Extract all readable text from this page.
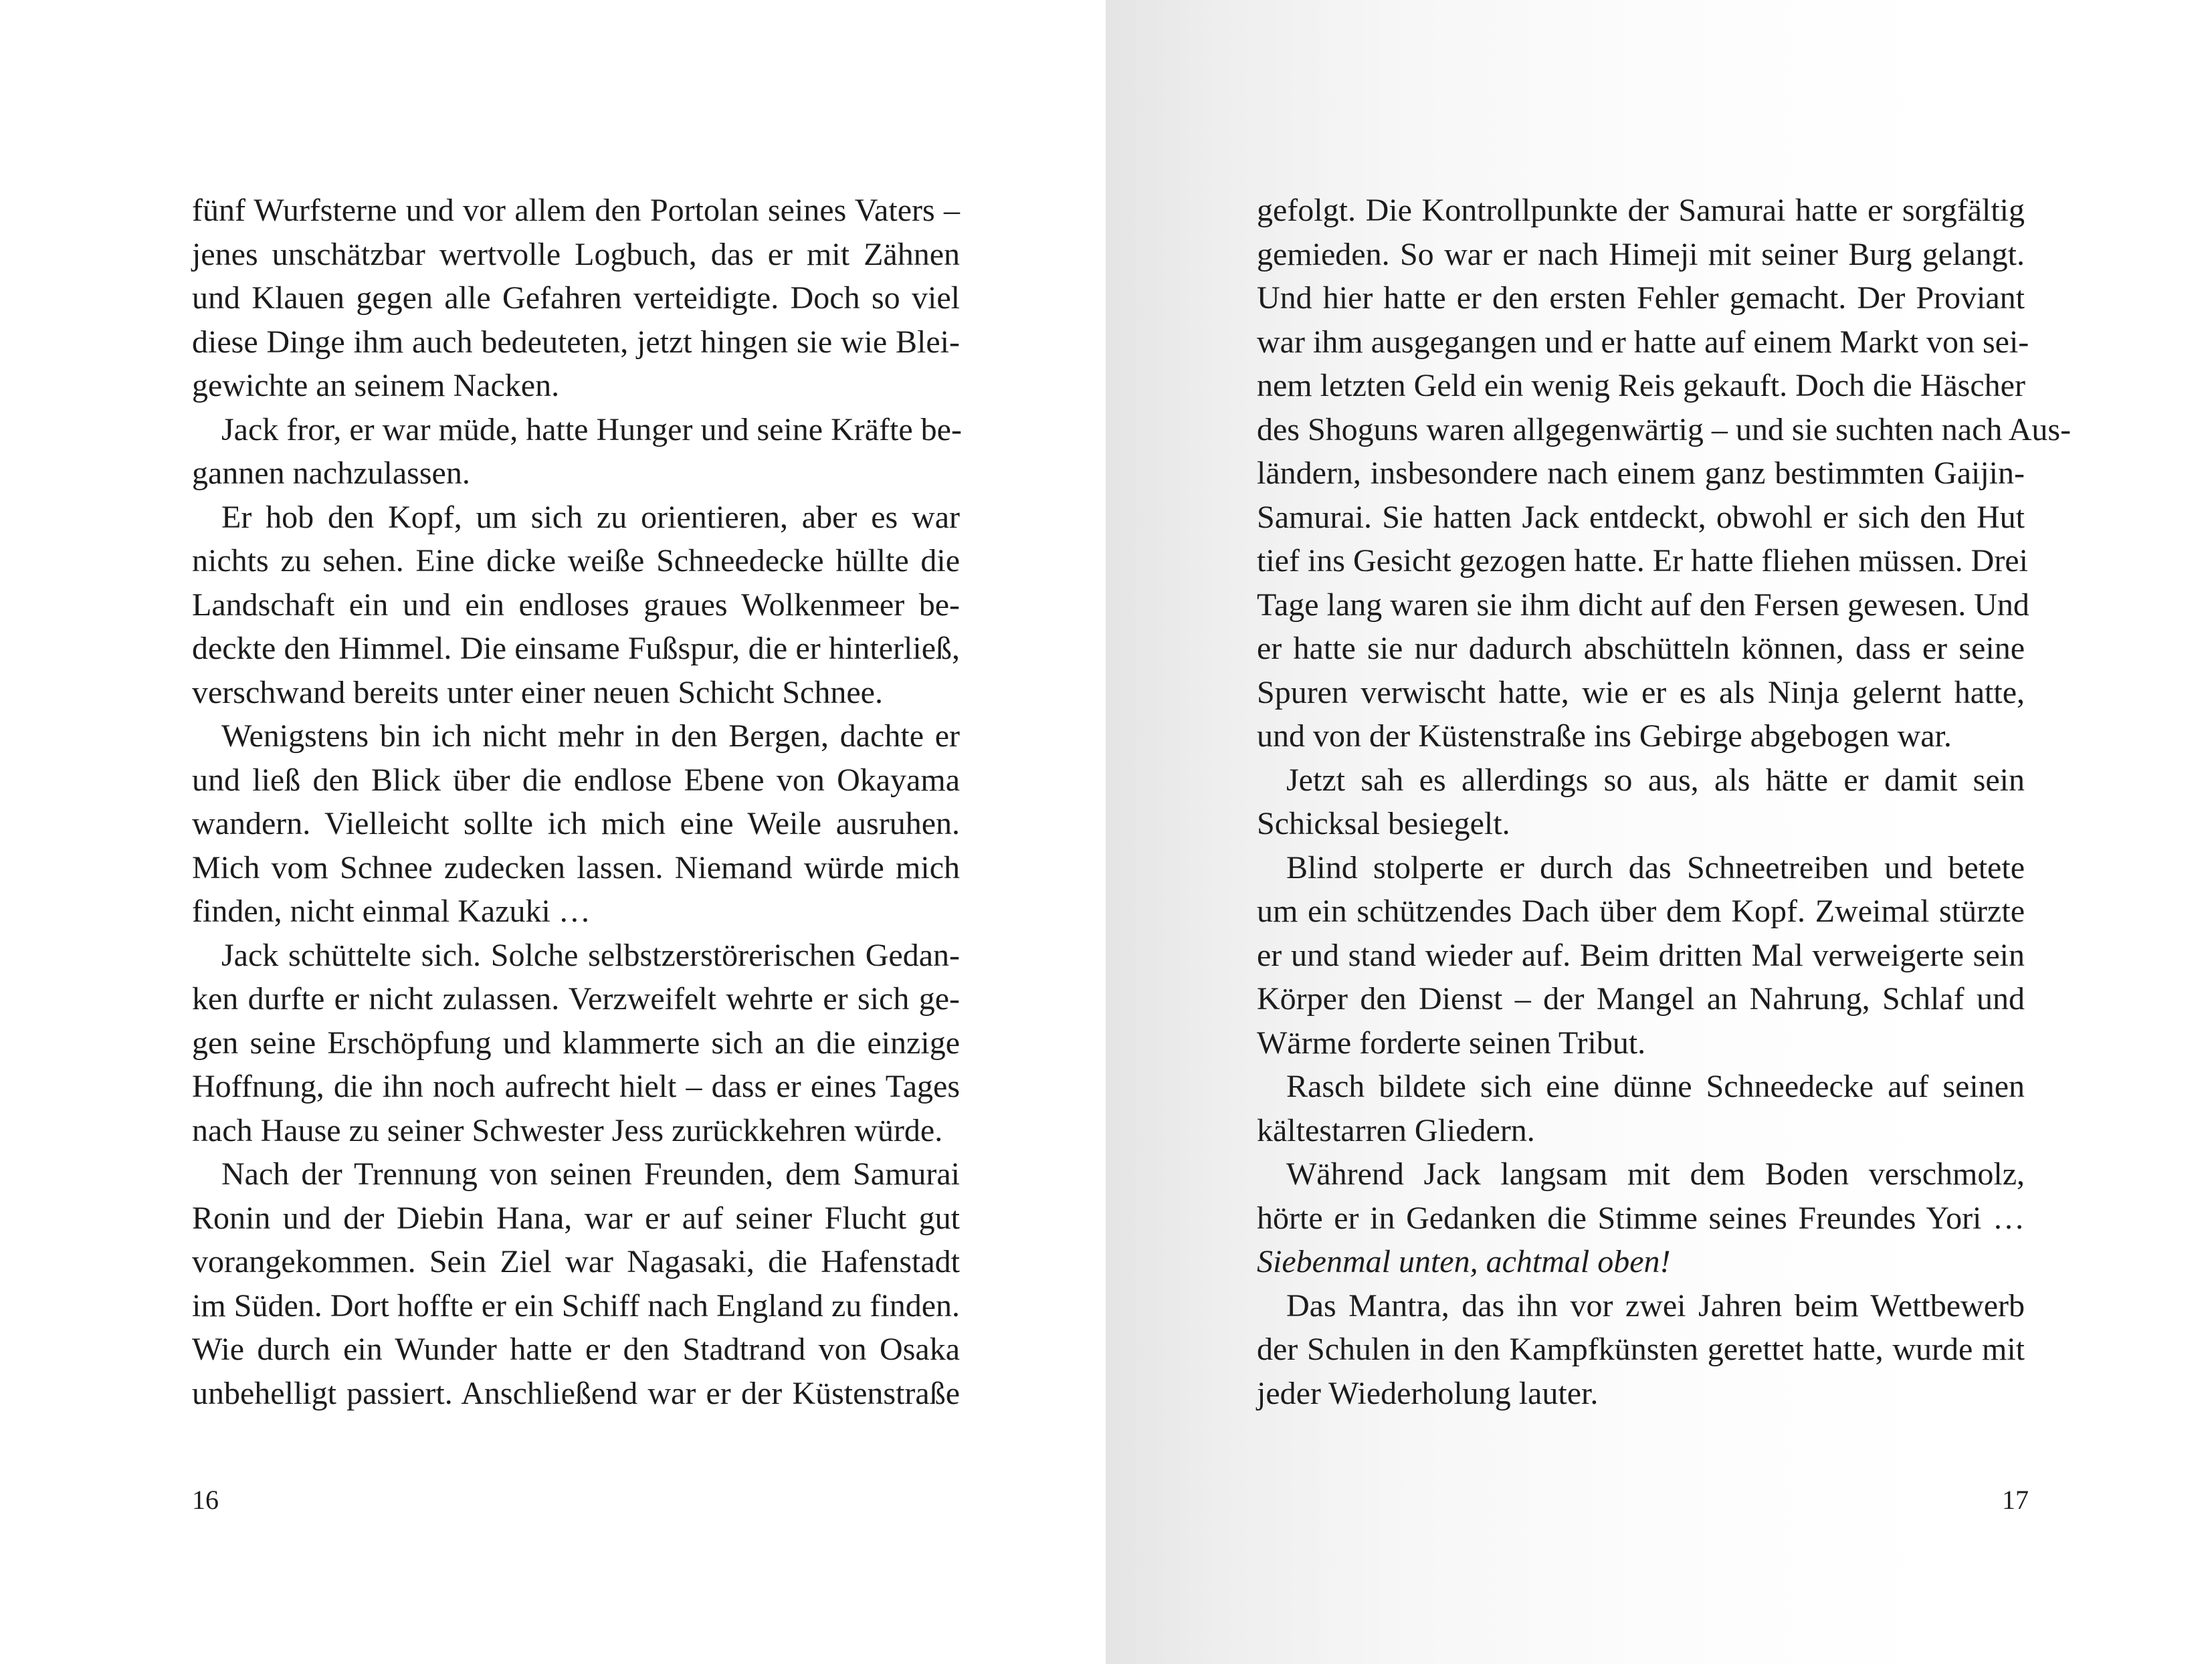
fünf Wurfsterne und vor allem den Portolan seines Vaters –
jenes unschätzbar wertvolle Logbuch, das er mit Zähnen
und Klauen gegen alle Gefahren verteidigte. Doch so viel
diese Dinge ihm auch bedeuteten, jetzt hingen sie wie Blei-
gewichte an seinem Nacken.
Jack fror, er war müde, hatte Hunger und seine Kräfte be-
gannen nachzulassen.
Er hob den Kopf, um sich zu orientieren, aber es war
nichts zu sehen. Eine dicke weiße Schneedecke hüllte die
Landschaft ein und ein endloses graues Wolkenmeer be-
deckte den Himmel. Die einsame Fußspur, die er hinterließ,
verschwand bereits unter einer neuen Schicht Schnee.
Wenigstens bin ich nicht mehr in den Bergen, dachte er
und ließ den Blick über die endlose Ebene von Okayama
wandern. Vielleicht sollte ich mich eine Weile ausruhen.
Mich vom Schnee zudecken lassen. Niemand würde mich
finden, nicht einmal Kazuki …
Jack schüttelte sich. Solche selbstzerstörerischen Gedan-
ken durfte er nicht zulassen. Verzweifelt wehrte er sich ge-
gen seine Erschöpfung und klammerte sich an die einzige
Hoffnung, die ihn noch aufrecht hielt – dass er eines Tages
nach Hause zu seiner Schwester Jess zurückkehren würde.
Nach der Trennung von seinen Freunden, dem Samurai
Ronin und der Diebin Hana, war er auf seiner Flucht gut
vorangekommen. Sein Ziel war Nagasaki, die Hafenstadt
im Süden. Dort hoffte er ein Schiff nach England zu finden.
Wie durch ein Wunder hatte er den Stadtrand von Osaka
unbehelligt passiert. Anschließend war er der Küstenstraße
16
gefolgt. Die Kontrollpunkte der Samurai hatte er sorgfältig
gemieden. So war er nach Himeji mit seiner Burg gelangt.
Und hier hatte er den ersten Fehler gemacht. Der Proviant
war ihm ausgegangen und er hatte auf einem Markt von sei-
nem letzten Geld ein wenig Reis gekauft. Doch die Häscher
des Shoguns waren allgegenwärtig – und sie suchten nach Aus-
ländern, insbesondere nach einem ganz bestimmten Gaijin-
Samurai. Sie hatten Jack entdeckt, obwohl er sich den Hut
tief ins Gesicht gezogen hatte. Er hatte fliehen müssen. Drei
Tage lang waren sie ihm dicht auf den Fersen gewesen. Und
er hatte sie nur dadurch abschütteln können, dass er seine
Spuren verwischt hatte, wie er es als Ninja gelernt hatte,
und von der Küstenstraße ins Gebirge abgebogen war.
Jetzt sah es allerdings so aus, als hätte er damit sein
Schicksal besiegelt.
Blind stolperte er durch das Schneetreiben und betete
um ein schützendes Dach über dem Kopf. Zweimal stürzte
er und stand wieder auf. Beim dritten Mal verweigerte sein
Körper den Dienst – der Mangel an Nahrung, Schlaf und
Wärme forderte seinen Tribut.
Rasch bildete sich eine dünne Schneedecke auf seinen
kältestarren Gliedern.
Während Jack langsam mit dem Boden verschmolz,
hörte er in Gedanken die Stimme seines Freundes Yori …
Siebenmal unten, achtmal oben!
Das Mantra, das ihn vor zwei Jahren beim Wettbewerb
der Schulen in den Kampfkünsten gerettet hatte, wurde mit
jeder Wiederholung lauter.
17
